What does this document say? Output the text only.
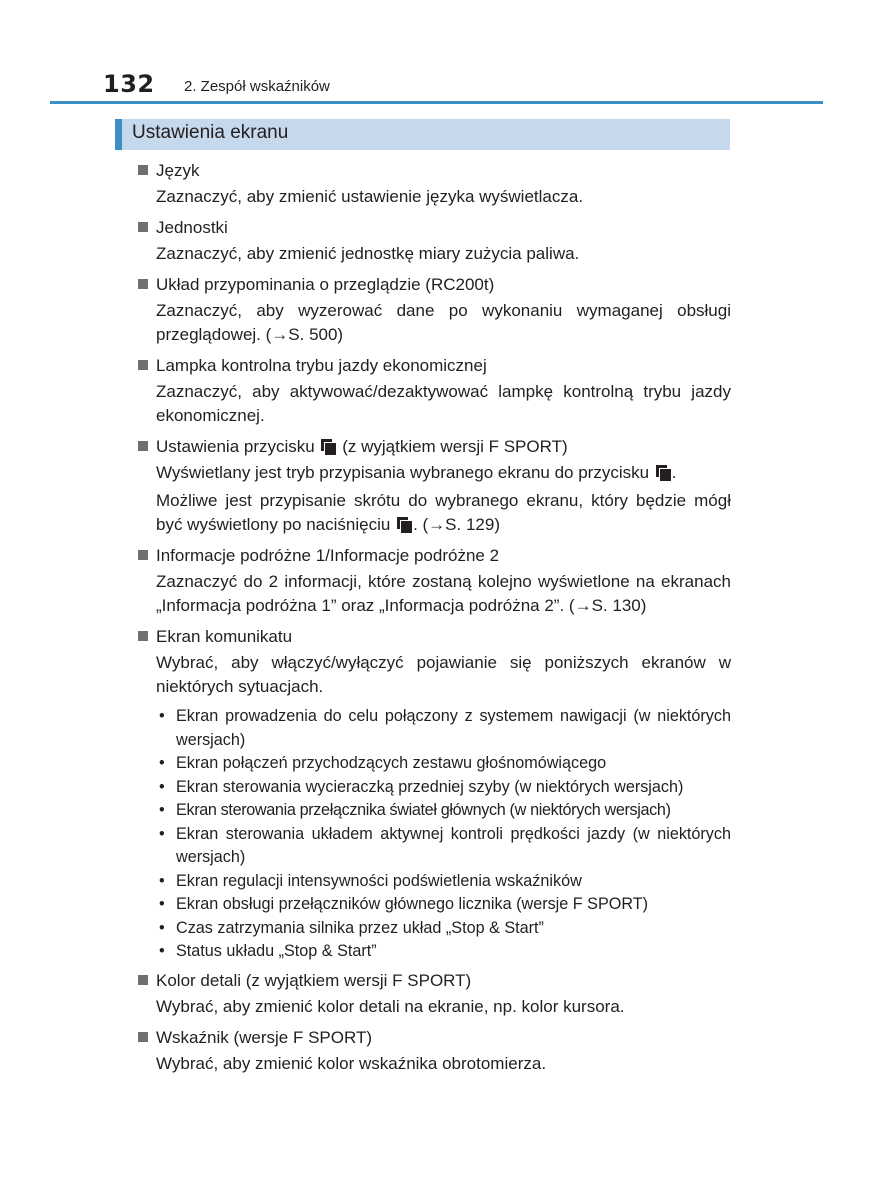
132 2. Zespół wskaźników
Ustawienia ekranu
Język

Zaznaczyć, aby zmienić ustawienie języka wyświetlacza.

Jednostki

Zaznaczyć, aby zmienić jednostkę miary zużycia paliwa.

Układ przypominania o przeglądzie (RC200t)

Zaznaczyć, aby wyzerować dane po wykonaniu wymaganej obsługi przeglądowej. (→S. 500)

Lampka kontrolna trybu jazdy ekonomicznej

Zaznaczyć, aby aktywować/dezaktywować lampkę kontrolną trybu jazdy ekonomicznej.

Ustawienia przycisku (z wyjątkiem wersji F SPORT)

Wyświetlany jest tryb przypisania wybranego ekranu do przycisku .

Możliwe jest przypisanie skrótu do wybranego ekranu, który będzie mógł być wyświetlony po naciśnięciu . (→S. 129)

Informacje podróżne 1/Informacje podróżne 2

Zaznaczyć do 2 informacji, które zostaną kolejno wyświetlone na ekranach „Informacja podróżna 1” oraz „Informacja podróżna 2”. (→S. 130)

Ekran komunikatu

Wybrać, aby włączyć/wyłączyć pojawianie się poniższych ekranów w niektórych sytuacjach.

• Ekran prowadzenia do celu połączony z systemem nawigacji (w niektórych wersjach)
• Ekran połączeń przychodzących zestawu głośnomówiącego
• Ekran sterowania wycieraczką przedniej szyby (w niektórych wersjach)
• Ekran sterowania przełącznika świateł głównych (w niektórych wersjach)
• Ekran sterowania układem aktywnej kontroli prędkości jazdy (w niektórych wersjach)
• Ekran regulacji intensywności podświetlenia wskaźników
• Ekran obsługi przełączników głównego licznika (wersje F SPORT)
• Czas zatrzymania silnika przez układ „Stop & Start”
• Status układu „Stop & Start”
Kolor detali (z wyjątkiem wersji F SPORT)

Wybrać, aby zmienić kolor detali na ekranie, np. kolor kursora.

Wskaźnik (wersje F SPORT)

Wybrać, aby zmienić kolor wskaźnika obrotomierza.
